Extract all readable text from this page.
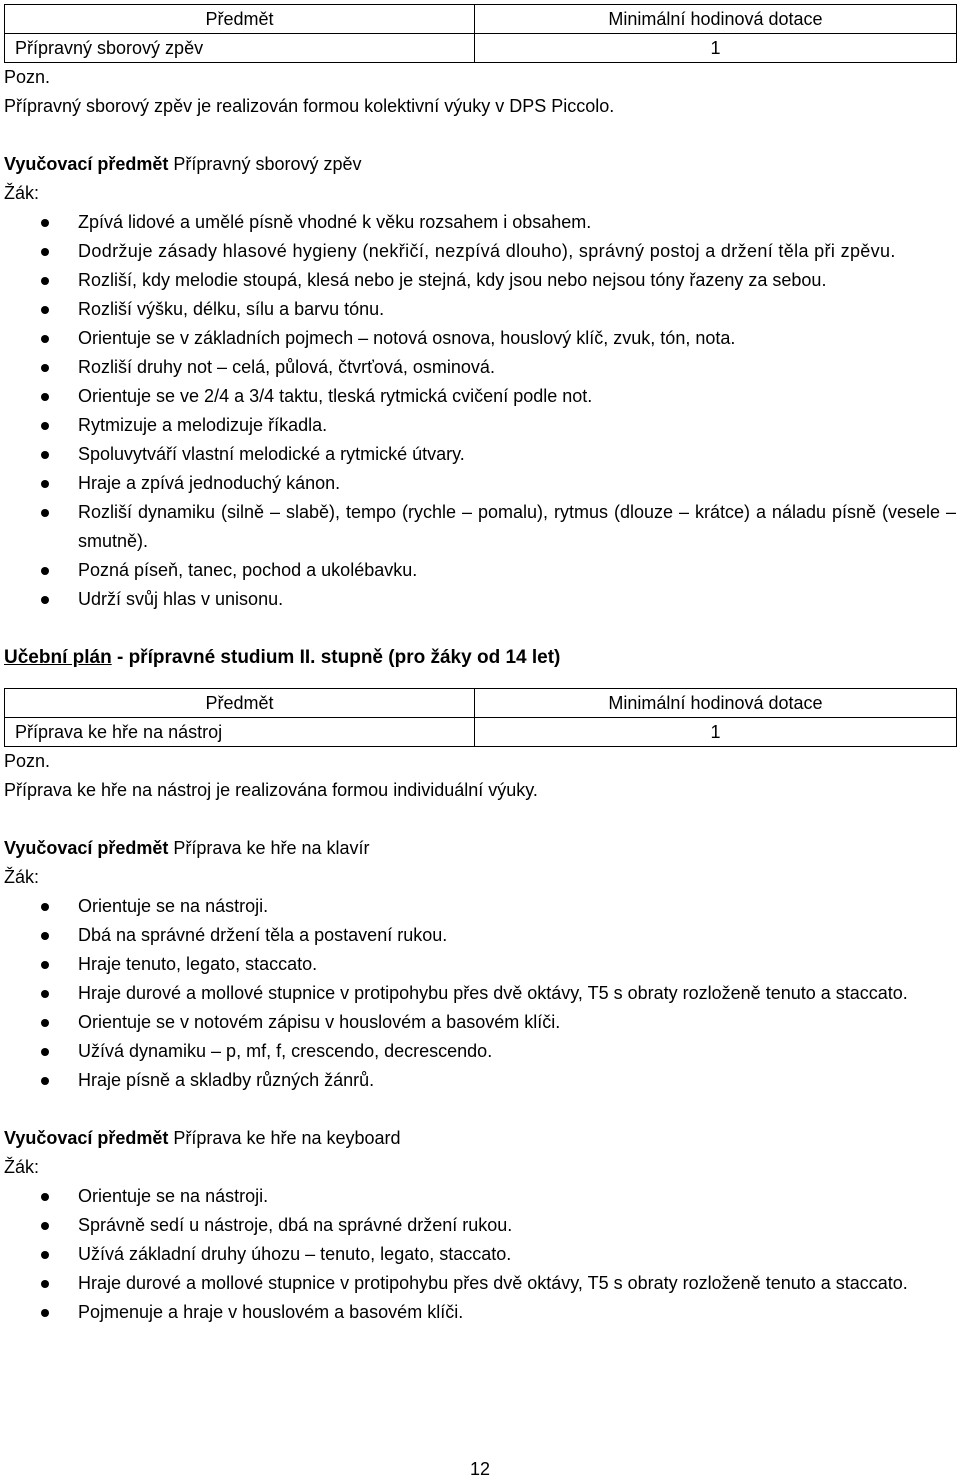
Předmět	Minimální hodinová dotace
Přípravný sborový zpěv	1
Pozn.
Přípravný sborový zpěv je realizován formou kolektivní výuky v DPS Piccolo.
Vyučovací předmět Přípravný sborový zpěv
Žák:
Zpívá lidové a umělé písně vhodné k věku rozsahem i obsahem.
Dodržuje zásady hlasové hygieny (nekřičí, nezpívá dlouho), správný postoj a držení těla při zpěvu.
Rozliší, kdy melodie stoupá, klesá nebo je stejná, kdy jsou nebo nejsou tóny řazeny za sebou.
Rozliší výšku, délku, sílu a barvu tónu.
Orientuje se v základních pojmech – notová osnova, houslový klíč, zvuk, tón, nota.
Rozliší druhy not – celá, půlová, čtvrťová, osminová.
Orientuje se ve 2/4 a 3/4 taktu, tleská rytmická cvičení podle not.
Rytmizuje a melodizuje říkadla.
Spoluvytváří vlastní melodické a rytmické útvary.
Hraje a zpívá jednoduchý kánon.
Rozliší dynamiku (silně – slabě), tempo (rychle – pomalu), rytmus (dlouze – krátce) a náladu písně (vesele – smutně).
Pozná píseň, tanec, pochod a ukolébavku.
Udrží svůj hlas v unisonu.
Učební plán - přípravné studium II. stupně (pro žáky od 14 let)
Předmět	Minimální hodinová dotace
Příprava ke hře na nástroj	1
Pozn.
Příprava ke hře na nástroj je realizována formou individuální výuky.
Vyučovací předmět Příprava ke hře na klavír
Žák:
Orientuje se na nástroji.
Dbá na správné držení těla a postavení rukou.
Hraje tenuto, legato, staccato.
Hraje durové a mollové stupnice v protipohybu přes dvě oktávy, T5 s obraty rozloženě tenuto a staccato.
Orientuje se v notovém zápisu v houslovém a basovém klíči.
Užívá dynamiku – p, mf, f, crescendo, decrescendo.
Hraje písně a skladby různých žánrů.
Vyučovací předmět Příprava ke hře na keyboard
Žák:
Orientuje se na nástroji.
Správně sedí u nástroje, dbá na správné držení rukou.
Užívá základní druhy úhozu – tenuto, legato, staccato.
Hraje durové a mollové stupnice v protipohybu přes dvě oktávy, T5 s obraty rozloženě tenuto a staccato.
Pojmenuje a hraje v houslovém a basovém klíči.
12
